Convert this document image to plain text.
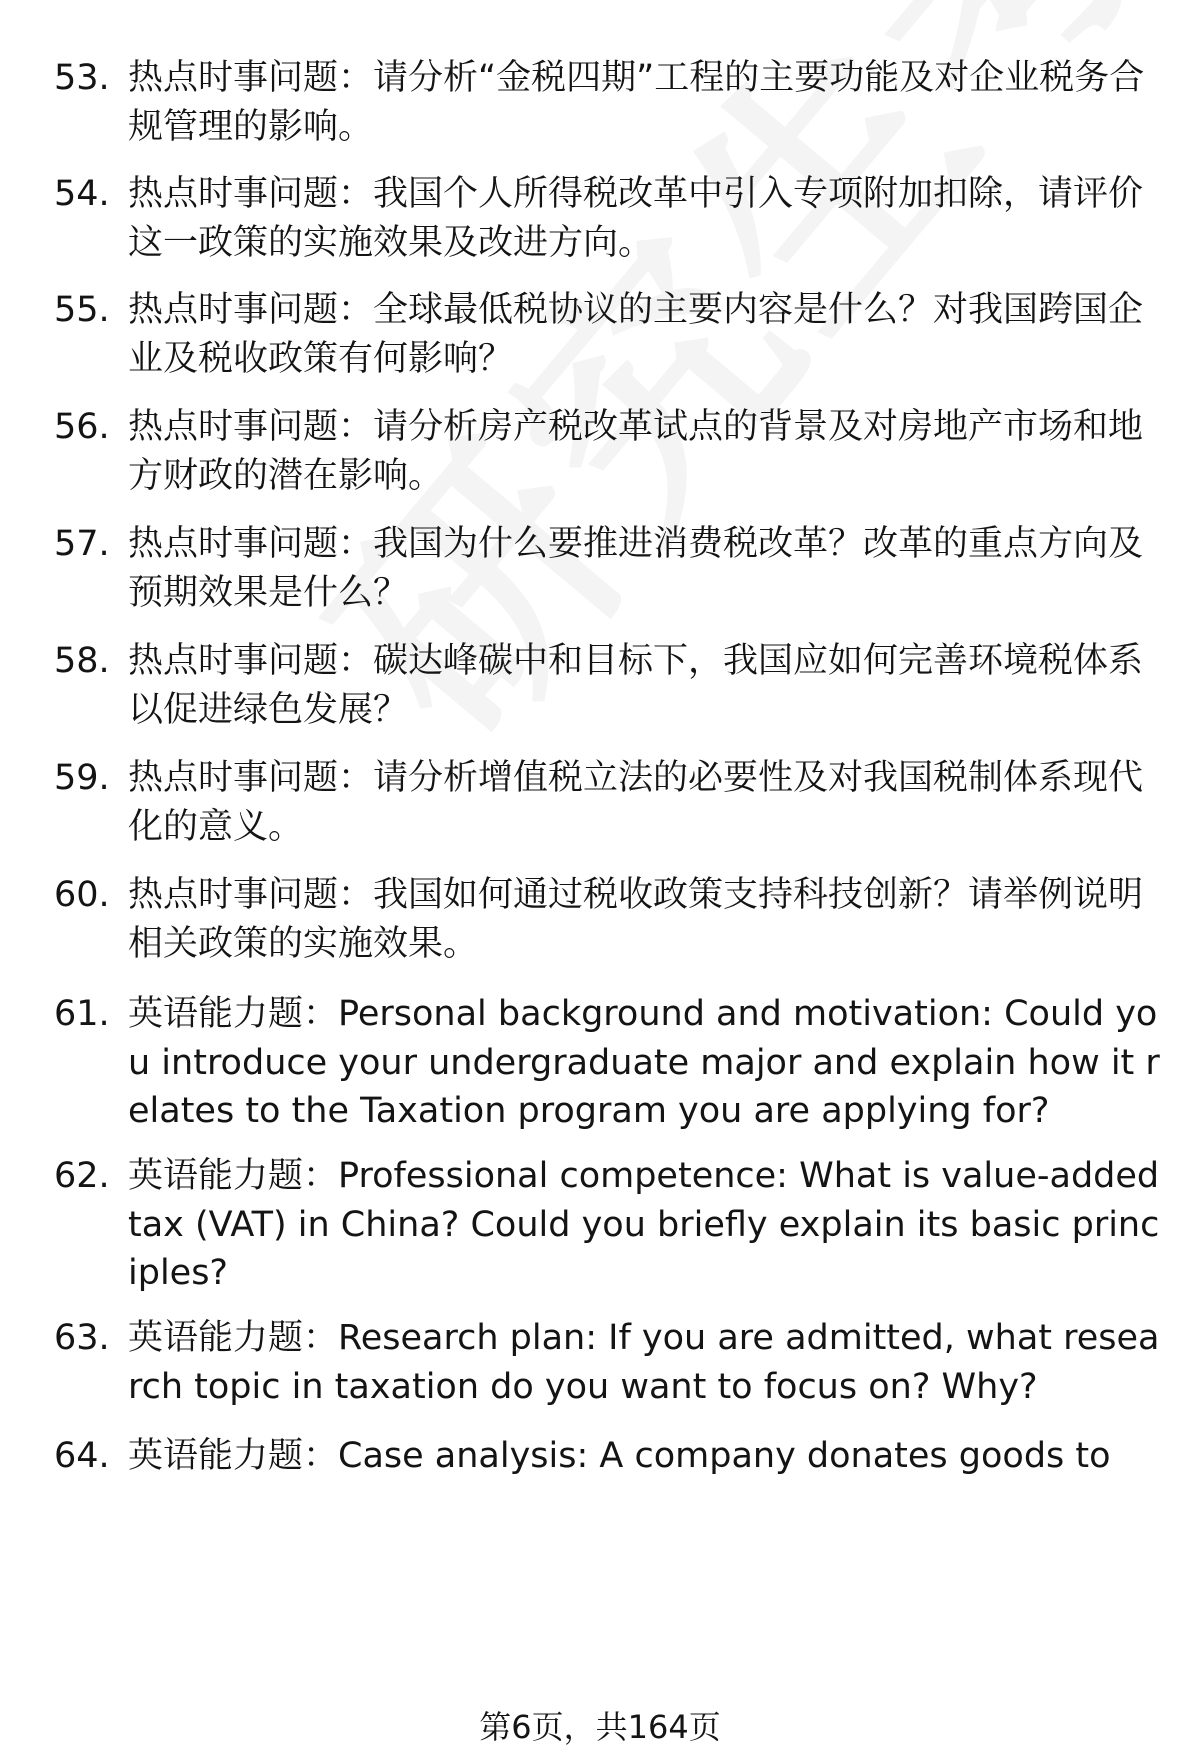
53. 热点时事问题：请分析“金税四期”工程的主要功能及对企业税务合规管理的影响。
54. 热点时事问题：我国个人所得税改革中引入专项附加扣除，请评价这一政策的实施效果及改进方向。
55. 热点时事问题：全球最低税协议的主要内容是什么？对我国跨国企业及税收政策有何影响？
56. 热点时事问题：请分析房产税改革试点的背景及对房地产市场和地方财政的潜在影响。
57. 热点时事问题：我国为什么要推进消费税改革？改革的重点方向及预期效果是什么？
58. 热点时事问题：碳达峰碳中和目标下，我国应如何完善环境税体系以促进绿色发展？
59. 热点时事问题：请分析增值税立法的必要性及对我国税制体系现代化的意义。
60. 热点时事问题：我国如何通过税收政策支持科技创新？请举例说明相关政策的实施效果。
61. 英语能力题：Personal background and motivation: Could you introduce your undergraduate major and explain how it relates to the Taxation program you are applying for?
62. 英语能力题：Professional competence: What is value-added tax (VAT) in China? Could you briefly explain its basic principles?
63. 英语能力题：Research plan: If you are admitted, what research topic in taxation do you want to focus on? Why?
64. 英语能力题：Case analysis: A company donates goods to
第6页，共164页
